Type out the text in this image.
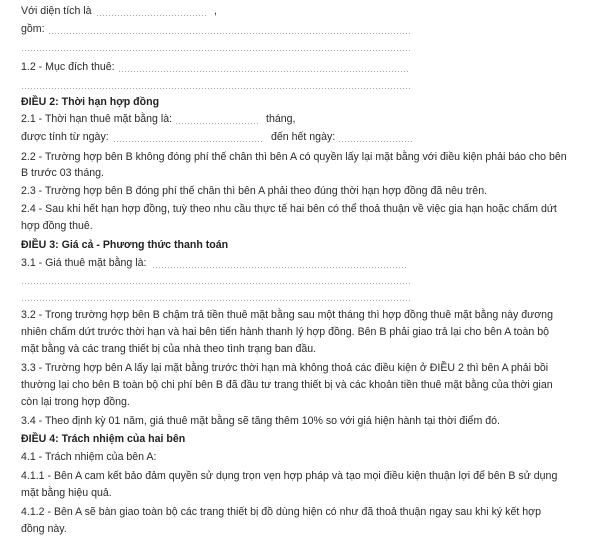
Với diện tích là	,
gồm:
1.2 - Mục đích thuê:
ĐIỀU 2: Thời hạn hợp đồng
2.1 - Thời hạn thuê mặt bằng là:	tháng,
được tính từ ngày:	đến hết ngày:
2.2 - Trường hợp bên B không đóng phí thế chân thì bên A có quyền lấy lại mặt bằng với điều kiện phải báo cho bên
B trước 03 tháng.
2.3 - Trường hợp bên B đóng phí thế chân thì bên A phải theo đúng thời hạn hợp đồng đã nêu trên.
2.4 - Sau khi hết hạn hợp đồng, tuỳ theo nhu cầu thực tế hai bên có thể thoả thuận về việc gia hạn hoặc chấm dứt
hợp đồng thuê.
ĐIỀU 3: Giá cả - Phương thức thanh toán
3.1 - Giá thuê mặt bằng là:
3.2 - Trong trường hợp bên B chậm trả tiền thuê mặt bằng sau một tháng thì hợp đồng thuê mặt bằng này đương
nhiên chấm dứt trước thời hạn và hai bên tiến hành thanh lý hợp đồng. Bên B phải giao trả lại cho bên A toàn bộ
mặt bằng và các trang thiết bị của nhà theo tình trạng ban đầu.
3.3 - Trường hợp bên A lấy lại mặt bằng trước thời hạn mà không thoả các điều kiện ở ĐIỀU 2 thì bên A phải bồi
thường lại cho bên B toàn bộ chi phí bên B đã đầu tư trang thiết bị và các khoản tiền thuê mặt bằng của thời gian
còn lại trong hợp đồng.
3.4 - Theo định kỳ 01 năm, giá thuê mặt bằng sẽ tăng thêm 10% so với giá hiện hành tại thời điểm đó.
ĐIỀU 4: Trách nhiệm của hai bên
4.1 - Trách nhiệm của bên A:
4.1.1 - Bên A cam kết bảo đảm quyền sử dụng trọn vẹn hợp pháp và tạo mọi điều kiện thuận lợi để bên B sử dụng
mặt bằng hiệu quả.
4.1.2 - Bên A sẽ bàn giao toàn bộ các trang thiết bị đồ dùng hiện có như đã thoả thuận ngay sau khi ký kết hợp
đồng này.
